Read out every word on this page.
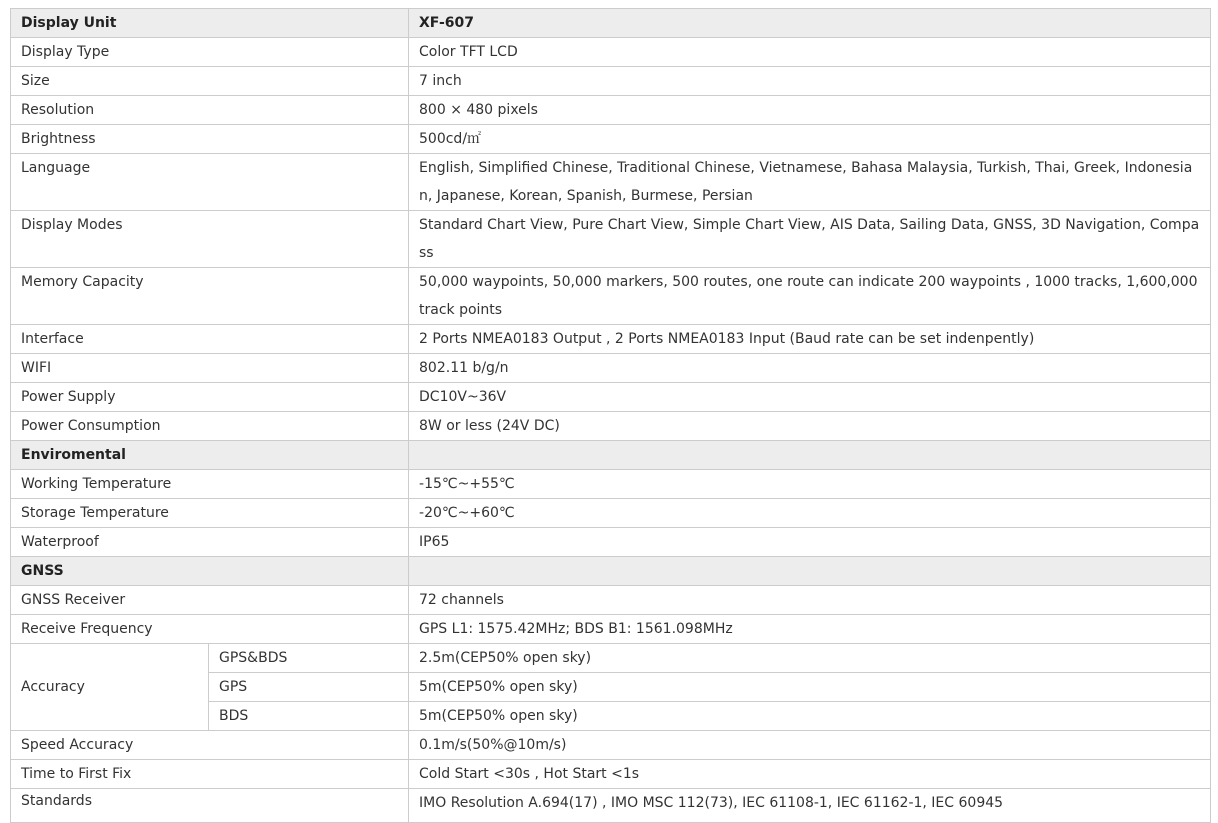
Display Unit		XF-607
Display Type		Color TFT LCD
Size		7 inch
Resolution		800 × 480 pixels
Brightness		500cd/㎡
Language		English, Simplified Chinese, Traditional Chinese, Vietnamese, Bahasa Malaysia, Turkish, Thai, Greek, Indonesian, Japanese, Korean, Spanish, Burmese, Persian
Display Modes		Standard Chart View, Pure Chart View, Simple Chart View, AIS Data, Sailing Data, GNSS, 3D Navigation, Compass
Memory Capacity		50,000 waypoints, 50,000 markers, 500 routes, one route can indicate 200 waypoints , 1000 tracks, 1,600,000 track points
Interface		2 Ports NMEA0183 Output , 2 Ports NMEA0183 Input (Baud rate can be set indenpently)
WIFI		802.11 b/g/n
Power Supply		DC10V~36V
Power Consumption		8W or less (24V DC)
Enviromental		
Working Temperature		-15℃~+55℃
Storage Temperature		-20℃~+60℃
Waterproof		IP65
GNSS		
GNSS Receiver		72 channels
Receive Frequency		GPS L1: 1575.42MHz; BDS B1: 1561.098MHz
Accuracy	GPS&BDS	2.5m(CEP50% open sky)
	GPS	5m(CEP50% open sky)
	BDS	5m(CEP50% open sky)
Speed Accuracy		0.1m/s(50%@10m/s)
Time to First Fix		Cold Start <30s , Hot Start <1s
Standards		IMO Resolution A.694(17) , IMO MSC 112(73), IEC 61108-1, IEC 61162-1, IEC 60945
